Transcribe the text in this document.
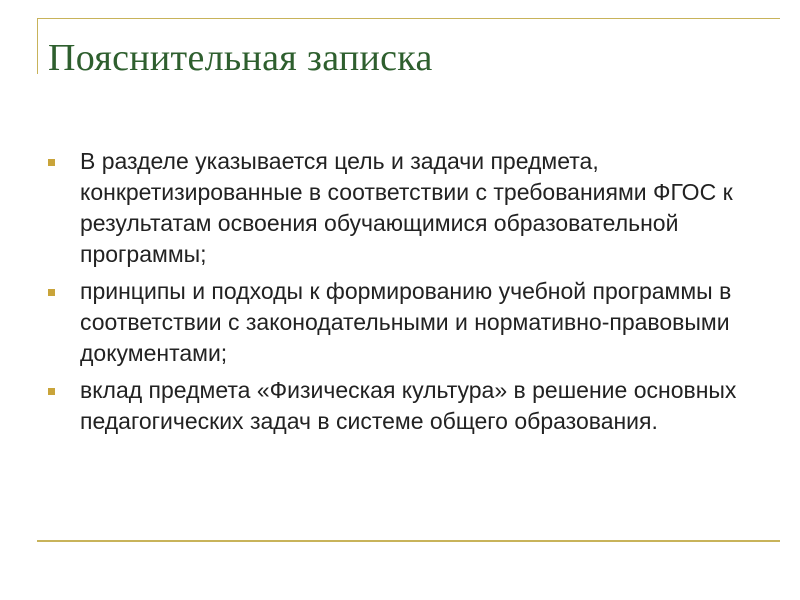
Пояснительная записка
В разделе указывается цель и задачи предмета, конкретизированные в соответствии с требованиями ФГОС к результатам освоения обучающимися образовательной программы;
принципы и подходы к формированию учебной программы в соответствии с законодательными и нормативно-правовыми документами;
вклад предмета «Физическая культура» в решение основных педагогических задач в системе общего образования.
